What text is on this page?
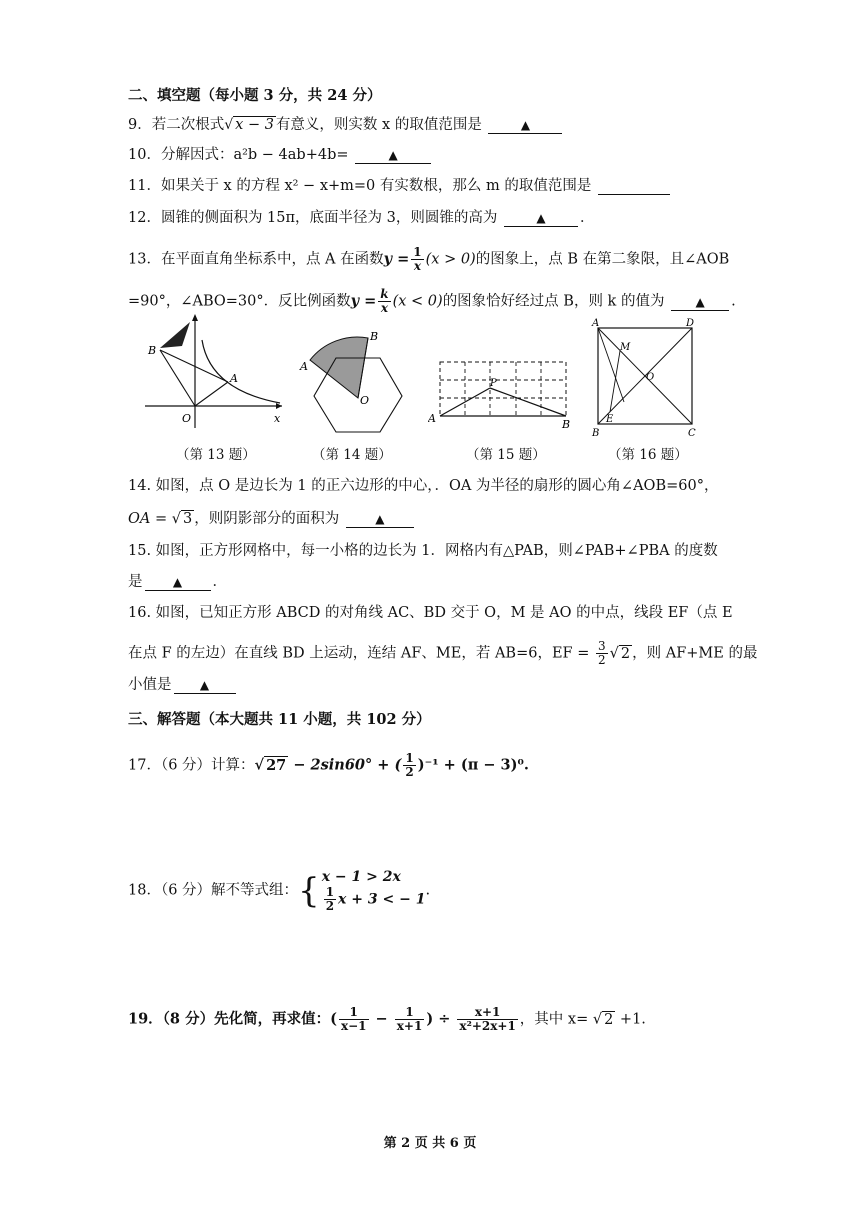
二、填空题（每小题 3 分，共 24 分）
9．若二次根式√ x − 3 有意义，则实数 x 的取值范围是	▲
10．分解因式：a²b − 4ab+4b=	▲
11．如果关于 x 的方程 x² − x+m=0 有实数根，那么 m 的取值范围是
12．圆锥的侧面积为 15π，底面半径为 3，则圆锥的高为	▲ ．
13．在平面直角坐标系中，点 A 在函数$y = \frac{1}{x} (x > 0)$的图象上，点 B 在第二象限，且∠AOB
=90°，∠ABO=30°．反比例函数$y = \frac{k}{x} (x < 0)$的图象恰好经过点 B，则 k 的值为	▲ .
B
A
O	x
（第 13 题）
A
B
O
（第 14 题）
A
P
B
（第 15 题）
A	D
M
O
E
B	C
（第 16 题）
14. 如图，点 O 是边长为 1 的正六边形的中心，．OA 为半径的扇形的圆心角∠AOB=60°，
OA = √ 3 ，则阴影部分的面积为	▲
15. 如图，正方形网格中，每一小格的边长为 1．网格内有△PAB，则∠PAB+∠PBA 的度数
是	▲ ．
16. 如图，已知正方形 ABCD 的对角线 AC、BD 交于 O，M 是 AO 的中点，线段 EF（点 E
在点 F 的左边）在直线 BD 上运动，连结 AF、ME，若 AB=6，EF = $\frac{3}{2}$ √ 2 ，则 AF+ME 的最
小值是 ▲
三、解答题（本大题共 11 小题，共 102 分）
17．（6 分）计算：√ 27 − 2sin60° + ( $\frac{1}{2} )^{-1} + (\pi - 3)^0$.
18．（6 分）解不等式组：{ x − 1 > 2x
$\frac{1}{2}$ x + 3 < − 1
.
19．（8 分）先化简，再求值：( $\frac{1}{x-1} - \frac{1}{x+1}$ ) ÷ $\frac{x+1}{\text{x²+2x+1}}$ ，其中 x= √ 2 +1.
第 2 页 共 6 页
